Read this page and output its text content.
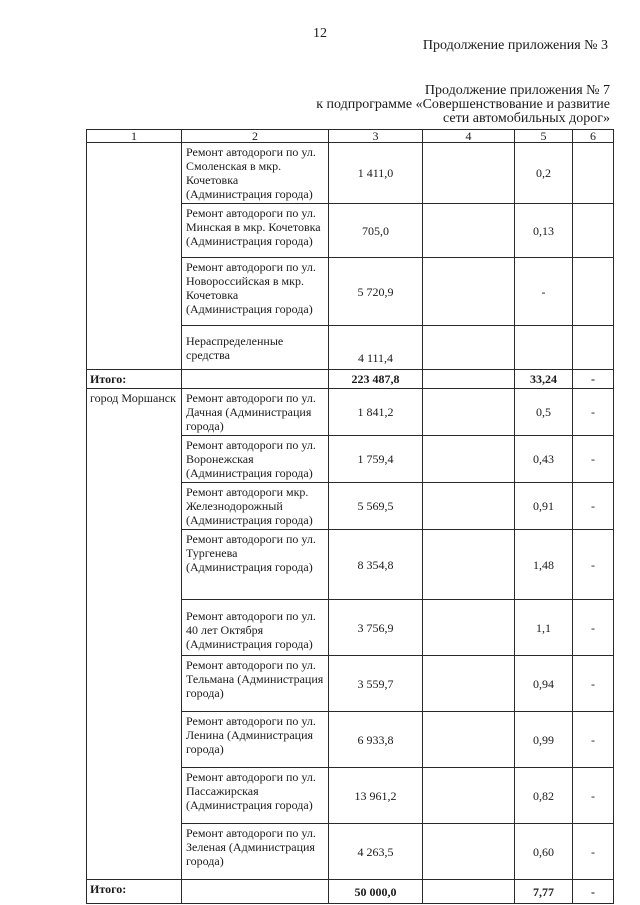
12
Продолжение приложения № 3
Продолжение приложения № 7
к подпрограмме «Совершенствование и развитие
сети автомобильных дорог»
1	2	3	4	5	6
	Ремонт автодороги по ул. Смоленская в мкр. Кочетовка (Администрация города)	1 411,0		0,2	
	Ремонт автодороги по ул. Минская в мкр. Кочетовка (Администрация города)	705,0		0,13	
	Ремонт автодороги по ул. Новороссийская в мкр. Кочетовка (Администрация города)	5 720,9		-	
	Нераспределенные средства	4 111,4			
Итого:		223 487,8		33,24	-
город Моршанск	Ремонт автодороги по ул. Дачная (Администрация города)	1 841,2		0,5	-
	Ремонт автодороги по ул. Воронежская (Администрация города)	1 759,4		0,43	-
	Ремонт автодороги мкр. Железнодорожный (Администрация города)	5 569,5		0,91	-
	Ремонт автодороги по ул. Тургенева (Администрация города)	8 354,8		1,48	-
	Ремонт автодороги по ул. 40 лет Октября (Администрация города)	3 756,9		1,1	-
	Ремонт автодороги по ул. Тельмана (Администрация города)	3 559,7		0,94	-
	Ремонт автодороги по ул. Ленина (Администрация города)	6 933,8		0,99	-
	Ремонт автодороги по ул. Пассажирская (Администрация города)	13 961,2		0,82	-
	Ремонт автодороги по ул. Зеленая (Администрация города)	4 263,5		0,60	-
Итого:		50 000,0		7,77	-
